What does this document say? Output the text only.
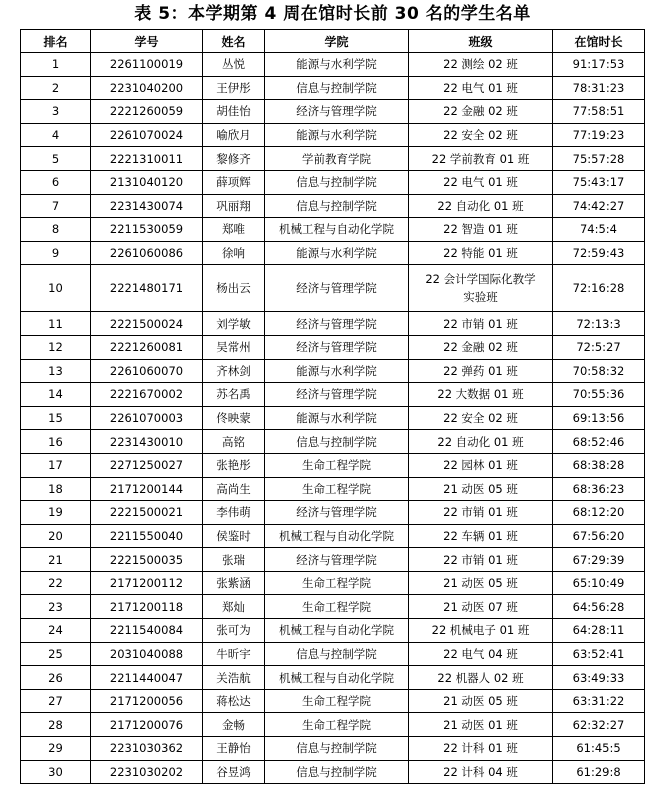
表 5：本学期第 4 周在馆时长前 30 名的学生名单
排名	学号	姓名	学院	班级	在馆时长
1	2261100019	丛悦	能源与水利学院	22 测绘 02 班	91:17:53
2	2231040200	王伊彤	信息与控制学院	22 电气 01 班	78:31:23
3	2221260059	胡佳怡	经济与管理学院	22 金融 02 班	77:58:51
4	2261070024	喻欣月	能源与水利学院	22 安全 02 班	77:19:23
5	2221310011	黎修齐	学前教育学院	22 学前教育 01 班	75:57:28
6	2131040120	薛项辉	信息与控制学院	22 电气 01 班	75:43:17
7	2231430074	巩丽翔	信息与控制学院	22 自动化 01 班	74:42:27
8	2211530059	郑唯	机械工程与自动化学院	22 智造 01 班	74:5:4
9	2261060086	徐响	能源与水利学院	22 特能 01 班	72:59:43
10	2221480171	杨出云	经济与管理学院	22 会计学国际化教学实验班	72:16:28
11	2221500024	刘学敏	经济与管理学院	22 市销 01 班	72:13:3
12	2221260081	吴常州	经济与管理学院	22 金融 02 班	72:5:27
13	2261060070	齐林剑	能源与水利学院	22 弹药 01 班	70:58:32
14	2221670002	苏名禹	经济与管理学院	22 大数据 01 班	70:55:36
15	2261070003	佟映蒙	能源与水利学院	22 安全 02 班	69:13:56
16	2231430010	高铭	信息与控制学院	22 自动化 01 班	68:52:46
17	2271250027	张艳彤	生命工程学院	22 园林 01 班	68:38:28
18	2171200144	高尚生	生命工程学院	21 动医 05 班	68:36:23
19	2221500021	李伟萌	经济与管理学院	22 市销 01 班	68:12:20
20	2211550040	侯鉴时	机械工程与自动化学院	22 车辆 01 班	67:56:20
21	2221500035	张瑞	经济与管理学院	22 市销 01 班	67:29:39
22	2171200112	张紫涵	生命工程学院	21 动医 05 班	65:10:49
23	2171200118	郑灿	生命工程学院	21 动医 07 班	64:56:28
24	2211540084	张可为	机械工程与自动化学院	22 机械电子 01 班	64:28:11
25	2031040088	牛昕宇	信息与控制学院	22 电气 04 班	63:52:41
26	2211440047	关浩航	机械工程与自动化学院	22 机器人 02 班	63:49:33
27	2171200056	蒋松达	生命工程学院	21 动医 05 班	63:31:22
28	2171200076	金畅	生命工程学院	21 动医 01 班	62:32:27
29	2231030362	王静怡	信息与控制学院	22 计科 01 班	61:45:5
30	2231030202	谷昱鸿	信息与控制学院	22 计科 04 班	61:29:8
